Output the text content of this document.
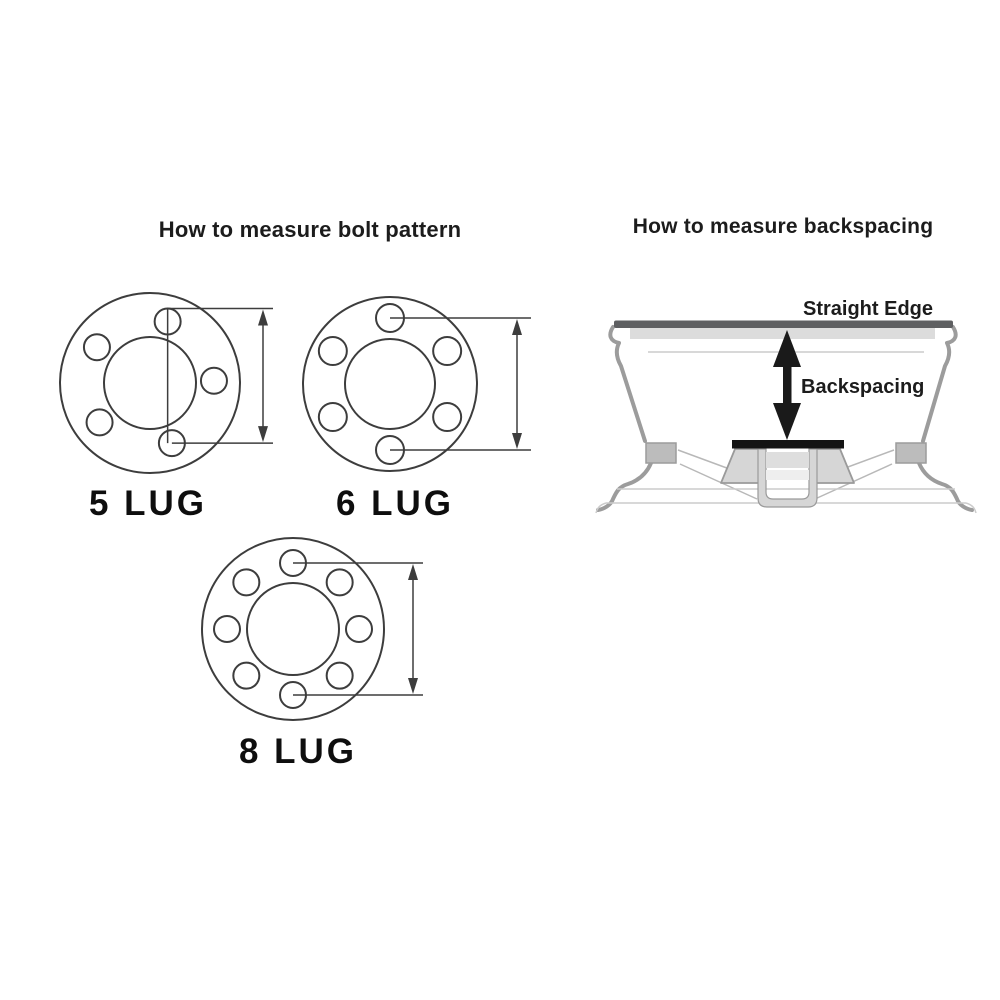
How to measure bolt pattern	How to measure backspacing
5 LUG	6 LUG
8 LUG
Straight Edge
Backspacing
